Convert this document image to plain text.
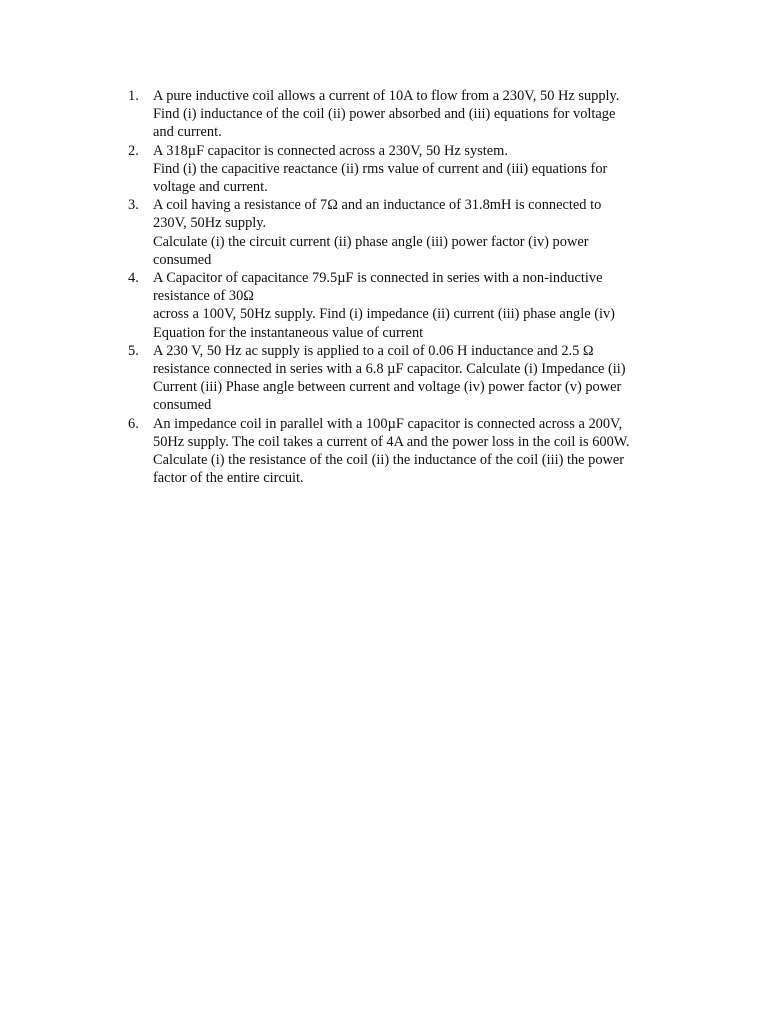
1. A pure inductive coil allows a current of 10A to flow from a 230V, 50 Hz supply.
Find (i) inductance of the coil (ii) power absorbed and (iii) equations for voltage
and current.
2. A 318µF capacitor is connected across a 230V, 50 Hz system.
Find (i) the capacitive reactance (ii) rms value of current and (iii) equations for
voltage and current.
3. A coil having a resistance of 7Ω and an inductance of 31.8mH is connected to
230V, 50Hz supply.
Calculate (i) the circuit current (ii) phase angle (iii) power factor (iv) power
consumed
4. A Capacitor of capacitance 79.5µF is connected in series with a non-inductive
resistance of 30Ω
across a 100V, 50Hz supply. Find (i) impedance (ii) current (iii) phase angle (iv)
Equation for the instantaneous value of current
5. A 230 V, 50 Hz ac supply is applied to a coil of 0.06 H inductance and 2.5 Ω
resistance connected in series with a 6.8 µF capacitor. Calculate (i) Impedance (ii)
Current (iii) Phase angle between current and voltage (iv) power factor (v) power
consumed
6. An impedance coil in parallel with a 100µF capacitor is connected across a 200V,
50Hz supply. The coil takes a current of 4A and the power loss in the coil is 600W.
Calculate (i) the resistance of the coil (ii) the inductance of the coil (iii) the power
factor of the entire circuit.
